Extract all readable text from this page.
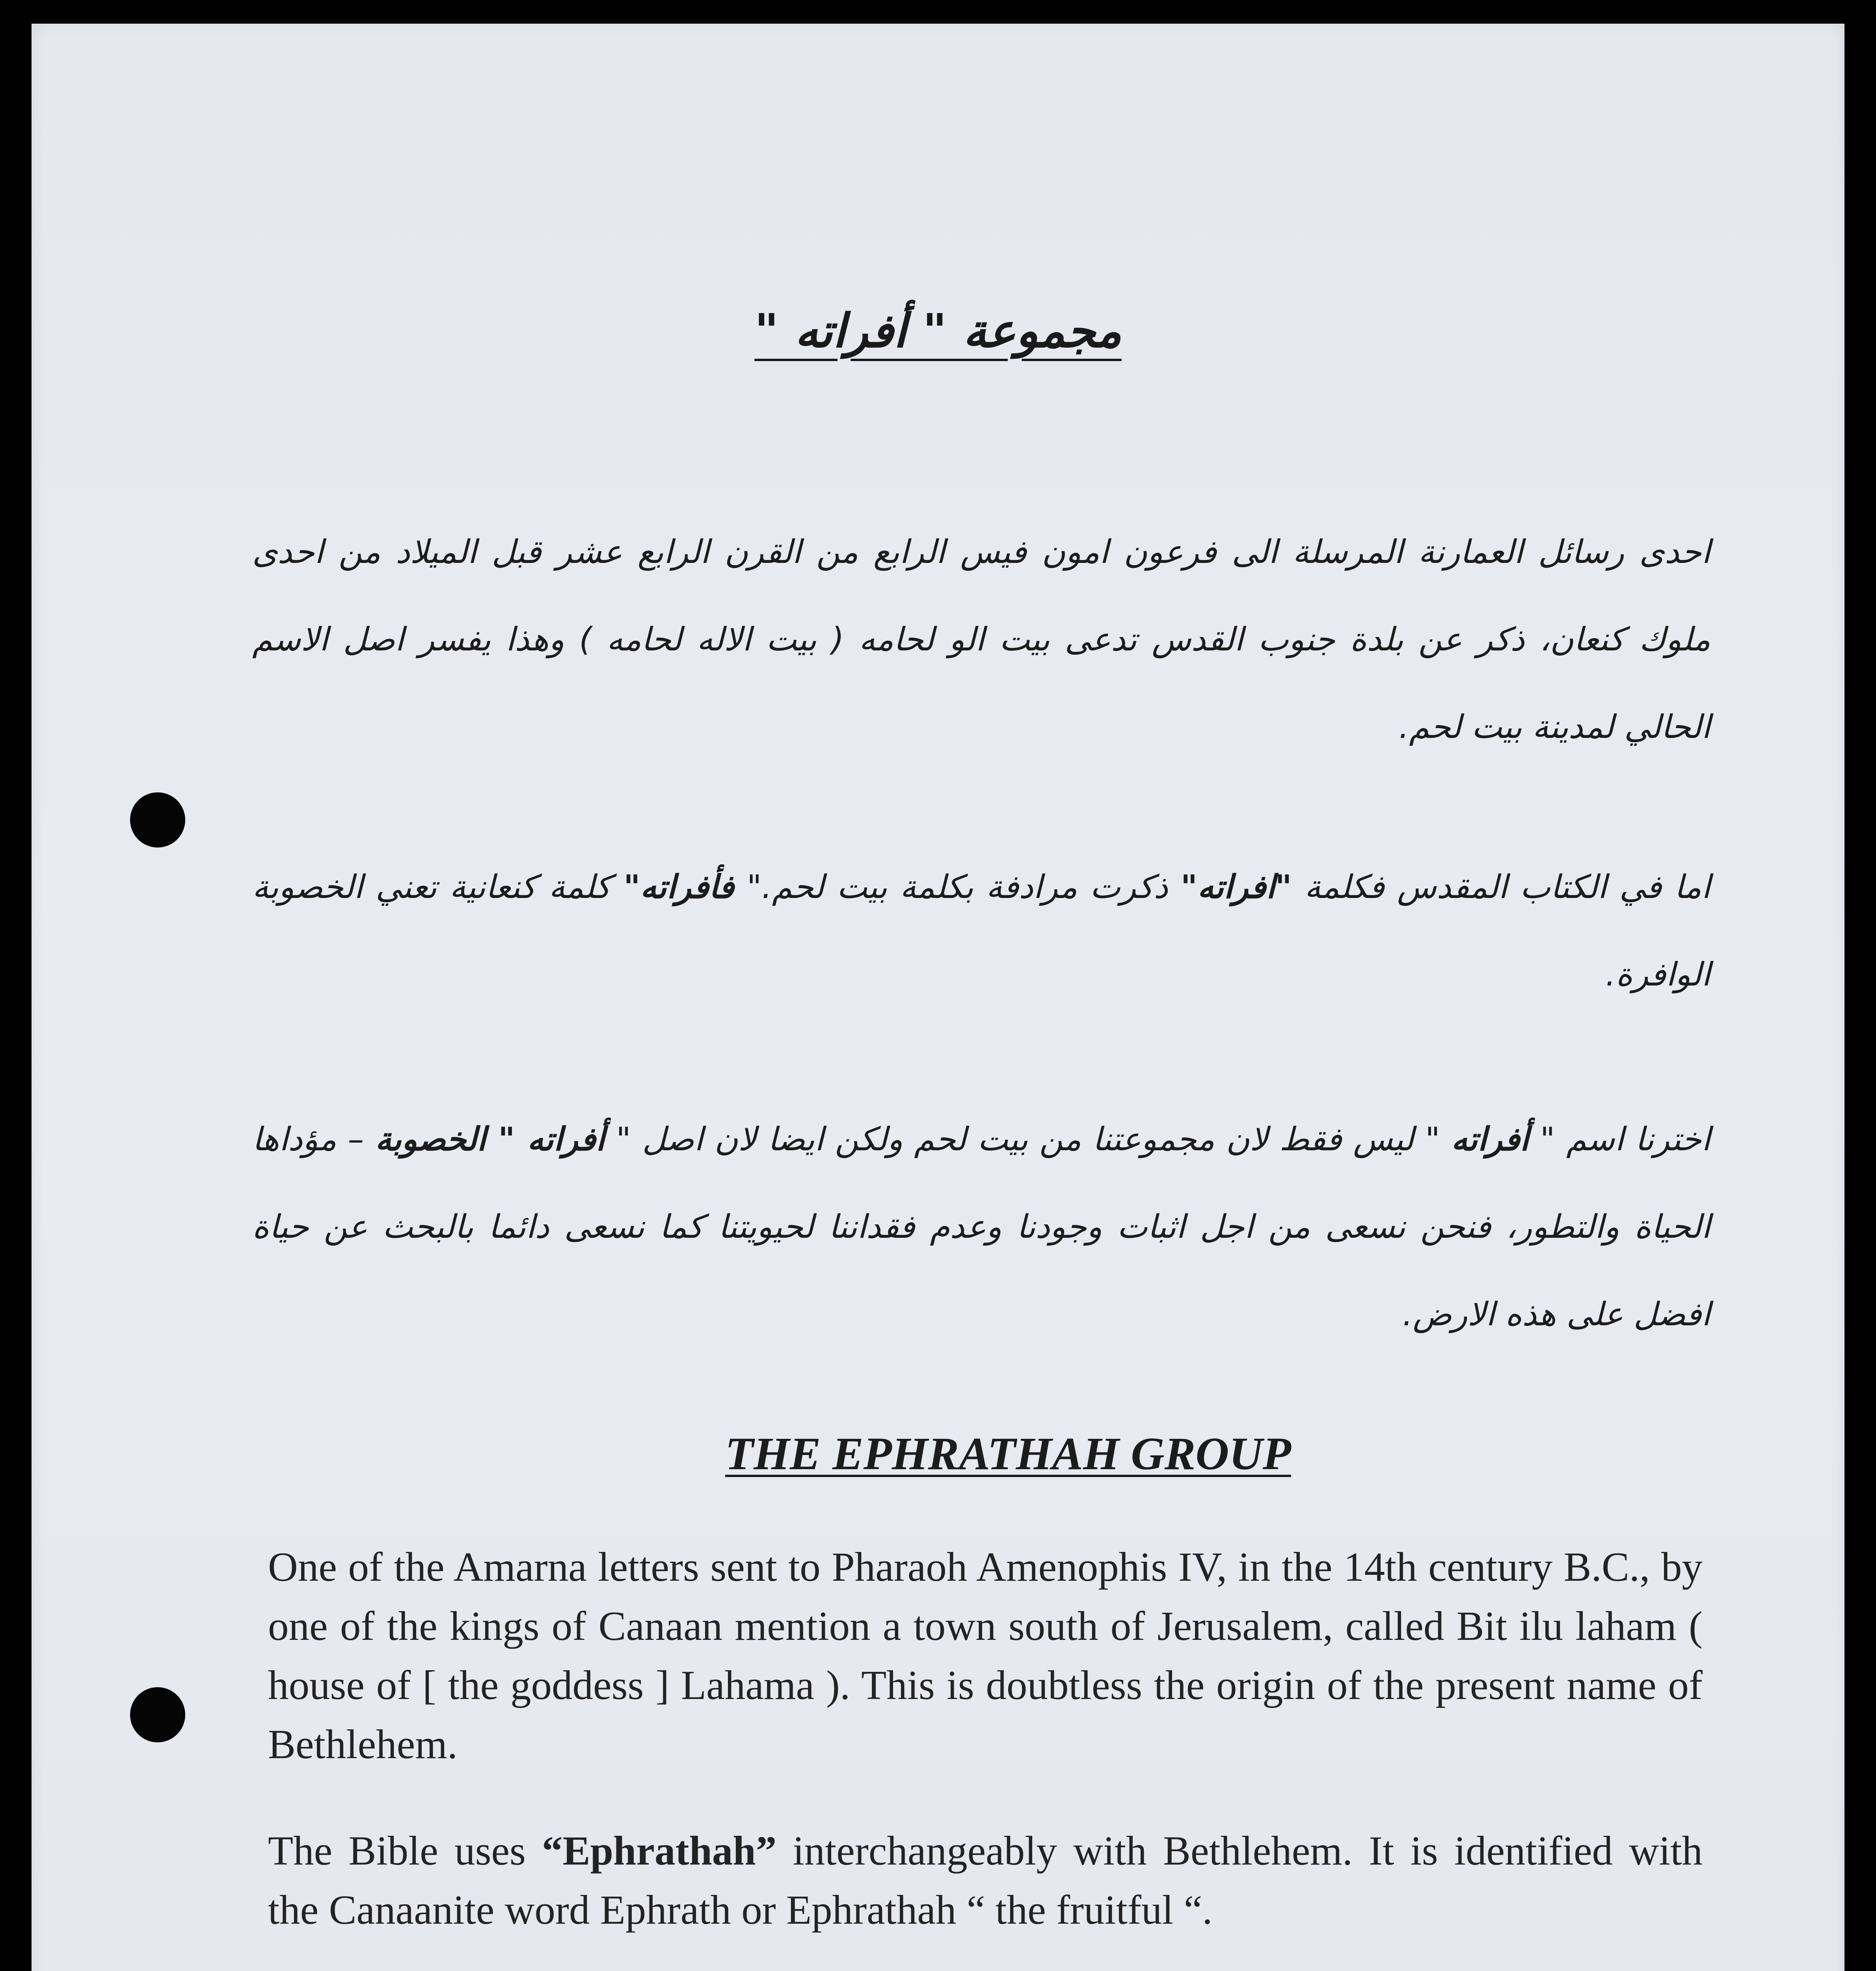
مجموعة " أفراته "
احدى رسائل العمارنة المرسلة الى فرعون امون فيس الرابع من القرن الرابع عشر قبل الميلاد من احدى ملوك كنعان، ذكر عن بلدة جنوب القدس تدعى بيت الو لحامه ( بيت الاله لحامه ) وهذا يفسر اصل الاسم الحالي لمدينة بيت لحم.
اما في الكتاب المقدس فكلمة "افراته" ذكرت مرادفة بكلمة بيت لحم." فأفراته" كلمة كنعانية تعني الخصوبة الوافرة.
اخترنا اسم " أفراته " ليس فقط لان مجموعتنا من بيت لحم ولكن ايضا لان اصل " أفراته " الخصوبة – مؤداها الحياة والتطور، فنحن نسعى من اجل اثبات وجودنا وعدم فقداننا لحيويتنا كما نسعى دائما بالبحث عن حياة افضل على هذه الارض.
THE EPHRATHAH GROUP
One of the Amarna letters sent to Pharaoh Amenophis IV, in the 14th century B.C., by one of the kings of Canaan mention a town south of Jerusalem, called Bit ilu laham ( house of [ the goddess ] Lahama ). This is doubtless the origin of the present name of Bethlehem.
The Bible uses “Ephrathah” interchangeably with Bethlehem. It is identified with the Canaanite word Ephrath or Ephrathah “ the fruitful “.
